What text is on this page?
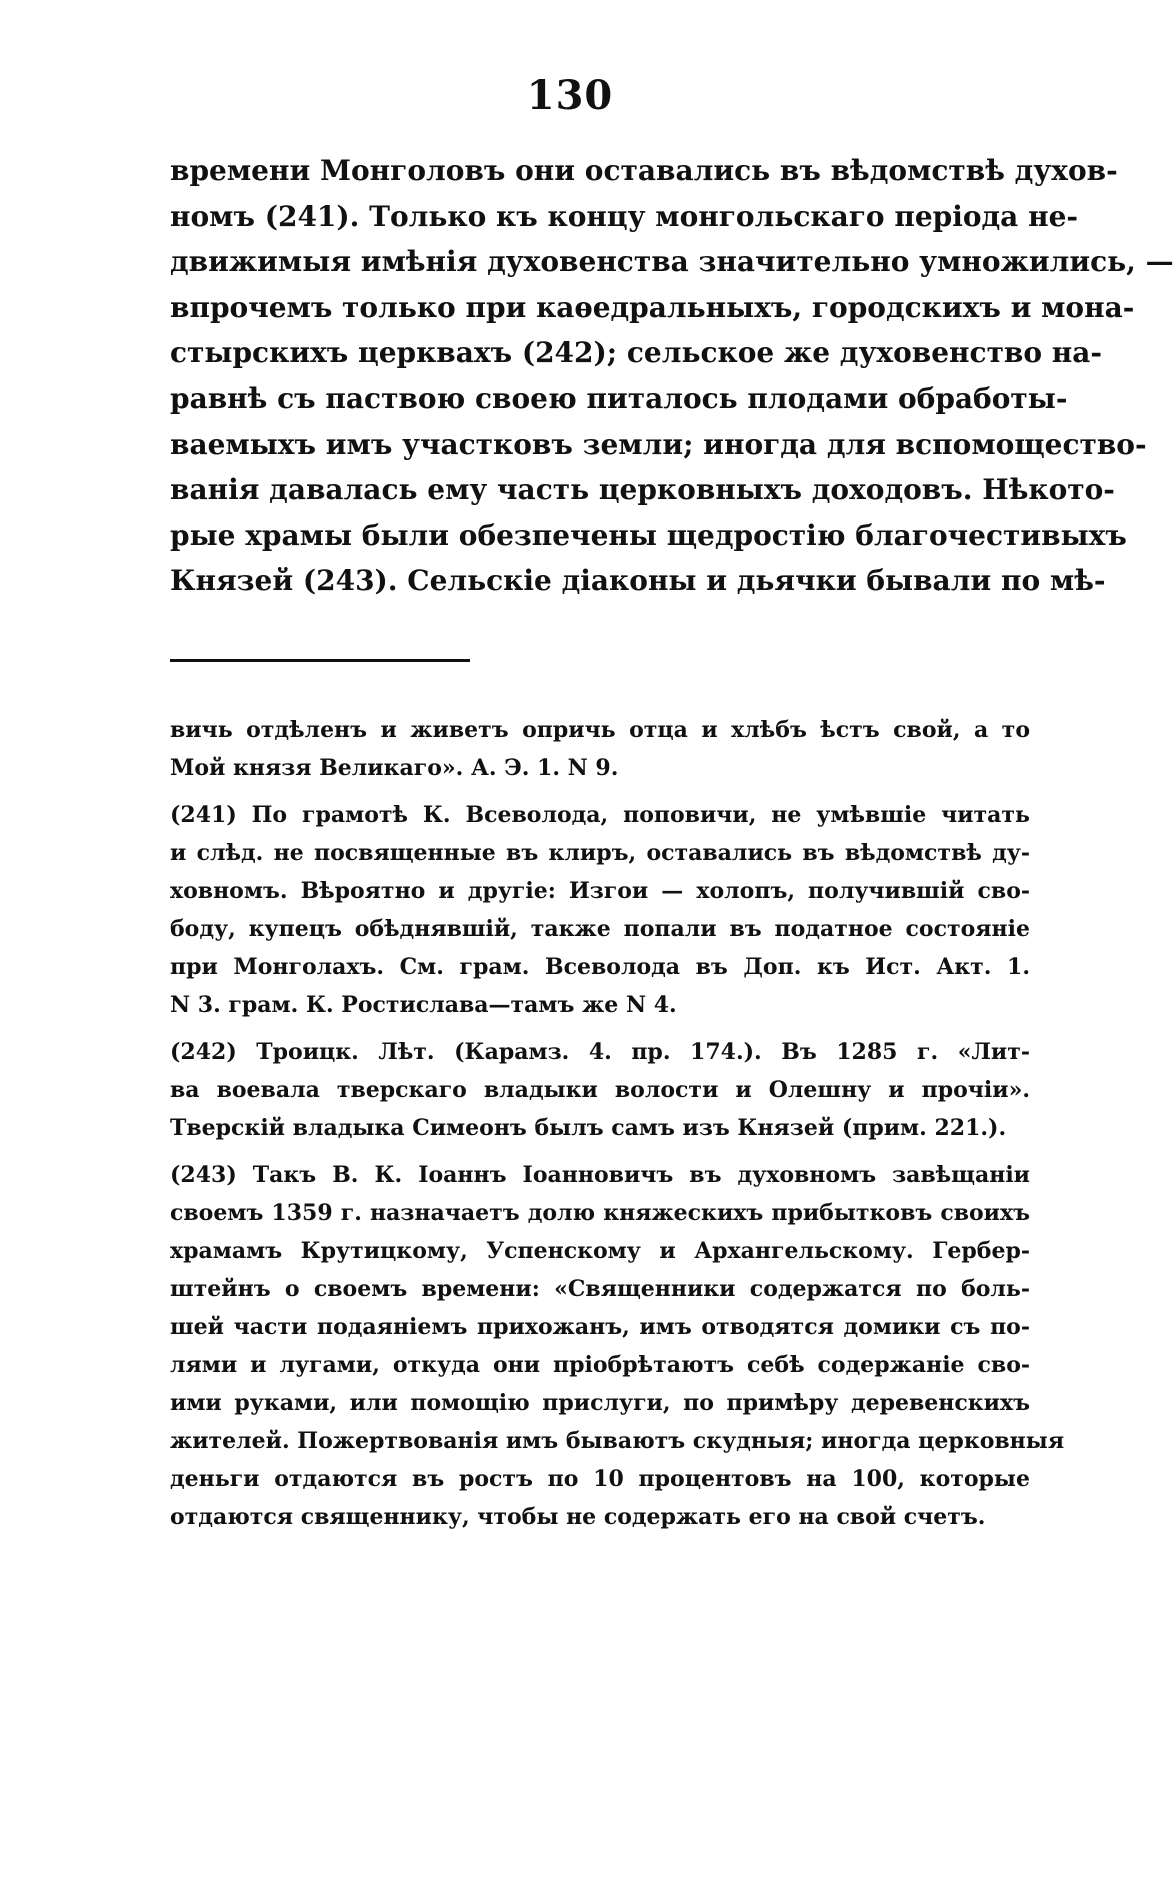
130
времени Монголовъ они оставались въ вѣдомствѣ духов-
номъ (241). Только къ концу монгольскаго періода не-
движимыя имѣнія духовенства значительно умножились, —
впрочемъ только при каѳедральныхъ, городскихъ и мона-
стырскихъ церквахъ (242); сельское же духовенство на-
равнѣ съ паствою своею питалось плодами обработы-
ваемыхъ имъ участковъ земли; иногда для вспомощество-
ванія давалась ему часть церковныхъ доходовъ. Нѣкото-
рые храмы были обезпечены щедростію благочестивыхъ
Князей (243). Сельскіе діаконы и дьячки бывали по мѣ-
вичь отдѣленъ и живетъ опричь отца и хлѣбъ ѣстъ свой, а то
Мой князя Великаго». А. Э. 1. N 9.
(241) По грамотѣ К. Всеволода, поповичи, не умѣвшіе читать
и слѣд. не посвященные въ клиръ, оставались въ вѣдомствѣ ду-
ховномъ. Вѣроятно и другіе: Изгои — холопъ, получившій сво-
боду, купецъ обѣднявшій, также попали въ податное состояніе
при Монголахъ. См. грам. Всеволода въ Доп. къ Ист. Акт. 1.
N 3. грам. К. Ростислава—тамъ же N 4.
(242) Троицк. Лѣт. (Карамз. 4. пр. 174.). Въ 1285 г. «Лит-
ва воевала тверскаго владыки волости и Олешну и прочіи».
Тверскій владыка Симеонъ былъ самъ изъ Князей (прим. 221.).
(243) Такъ В. К. Іоаннъ Іоанновичъ въ духовномъ завѣщаніи
своемъ 1359 г. назначаетъ долю княжескихъ прибытковъ своихъ
храмамъ Крутицкому, Успенскому и Архангельскому. Гербер-
штейнъ о своемъ времени: «Священники содержатся по боль-
шей части подаяніемъ прихожанъ, имъ отводятся домики съ по-
лями и лугами, откуда они пріобрѣтаютъ себѣ содержаніе сво-
ими руками, или помощію прислуги, по примѣру деревенскихъ
жителей. Пожертвованія имъ бываютъ скудныя; иногда церковныя
деньги отдаются въ ростъ по 10 процентовъ на 100, которые
отдаются священнику, чтобы не содержать его на свой счетъ.
